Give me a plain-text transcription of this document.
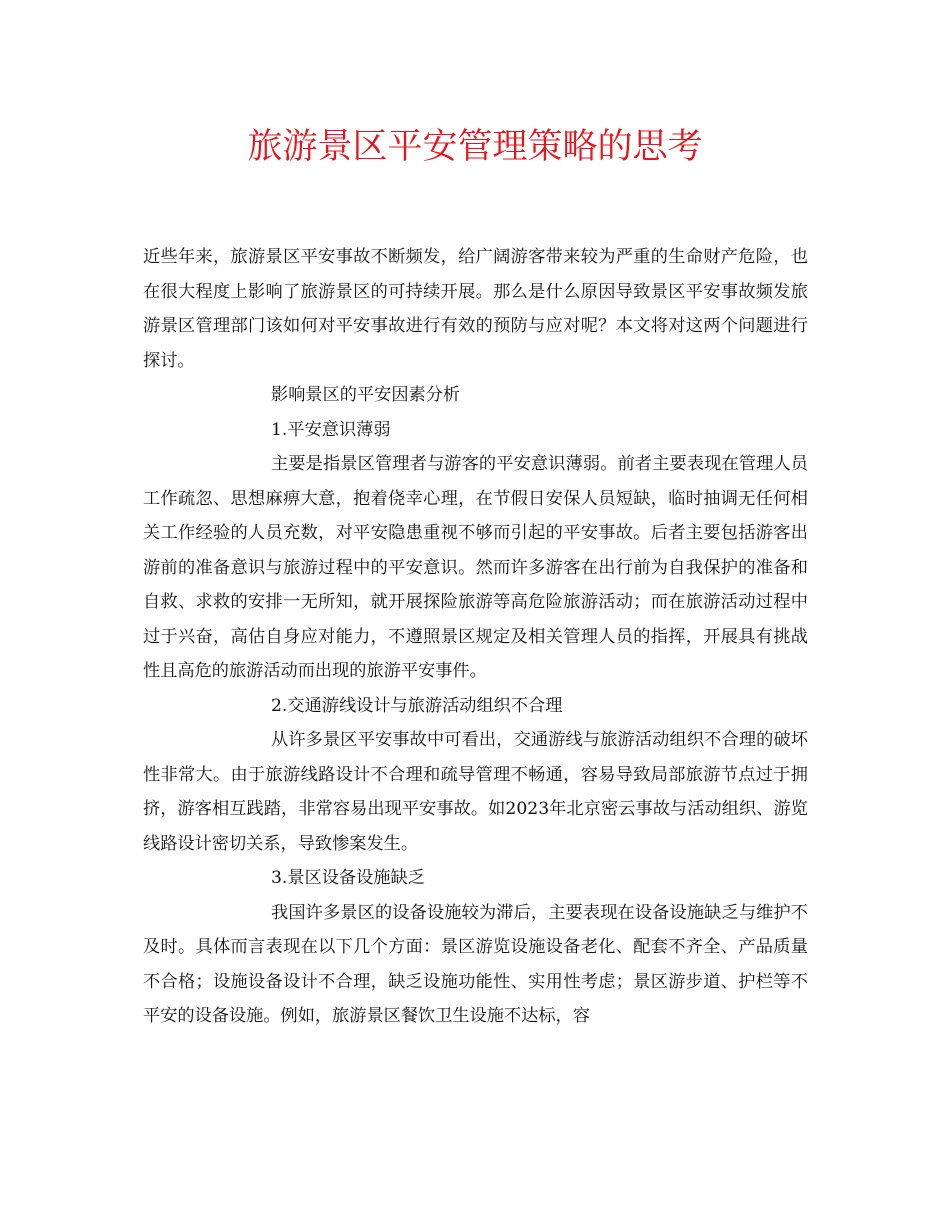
旅游景区平安管理策略的思考

近些年来，旅游景区平安事故不断频发，给广阔游客带来较为严重的生命财产危险，也在很大程度上影响了旅游景区的可持续开展。那么是什么原因导致景区平安事故频发旅游景区管理部门该如何对平安事故进行有效的预防与应对呢？本文将对这两个问题进行探讨。

影响景区的平安因素分析

1.平安意识薄弱

主要是指景区管理者与游客的平安意识薄弱。前者主要表现在管理人员工作疏忽、思想麻痹大意，抱着侥幸心理，在节假日安保人员短缺，临时抽调无任何相关工作经验的人员充数，对平安隐患重视不够而引起的平安事故。后者主要包括游客出游前的准备意识与旅游过程中的平安意识。然而许多游客在出行前为自我保护的准备和自救、求救的安排一无所知，就开展探险旅游等高危险旅游活动；而在旅游活动过程中过于兴奋，高估自身应对能力，不遵照景区规定及相关管理人员的指挥，开展具有挑战性且高危的旅游活动而出现的旅游平安事件。

2.交通游线设计与旅游活动组织不合理

从许多景区平安事故中可看出，交通游线与旅游活动组织不合理的破坏性非常大。由于旅游线路设计不合理和疏导管理不畅通，容易导致局部旅游节点过于拥挤，游客相互践踏，非常容易出现平安事故。如2023年北京密云事故与活动组织、游览线路设计密切关系，导致惨案发生。

3.景区设备设施缺乏

我国许多景区的设备设施较为滞后，主要表现在设备设施缺乏与维护不及时。具体而言表现在以下几个方面：景区游览设施设备老化、配套不齐全、产品质量不合格；设施设备设计不合理，缺乏设施功能性、实用性考虑；景区游步道、护栏等不平安的设备设施。例如，旅游景区餐饮卫生设施不达标，容
